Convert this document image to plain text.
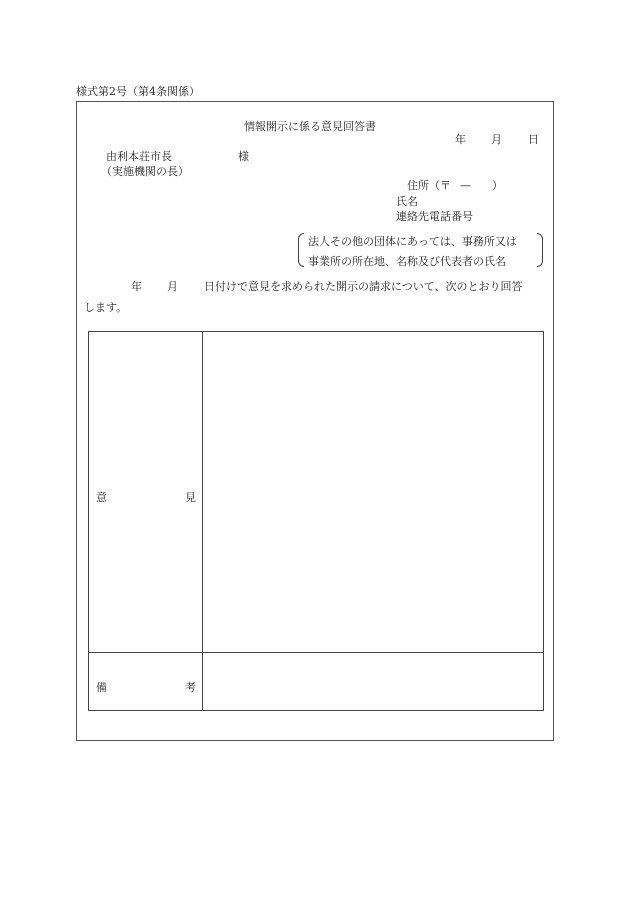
様式第2号（第4条関係）
情報開示に係る意見回答書
年 月 日
由利本荘市長	様
（実施機関の長）
住所（〒 — ）
氏名
連絡先電話番号
法人その他の団体にあっては、事務所又は
事業所の所在地、名称及び代表者の氏名
年 月 日付けで意見を求められた開示の請求について、次のとおり回答
します。
意 見	

備 考	
